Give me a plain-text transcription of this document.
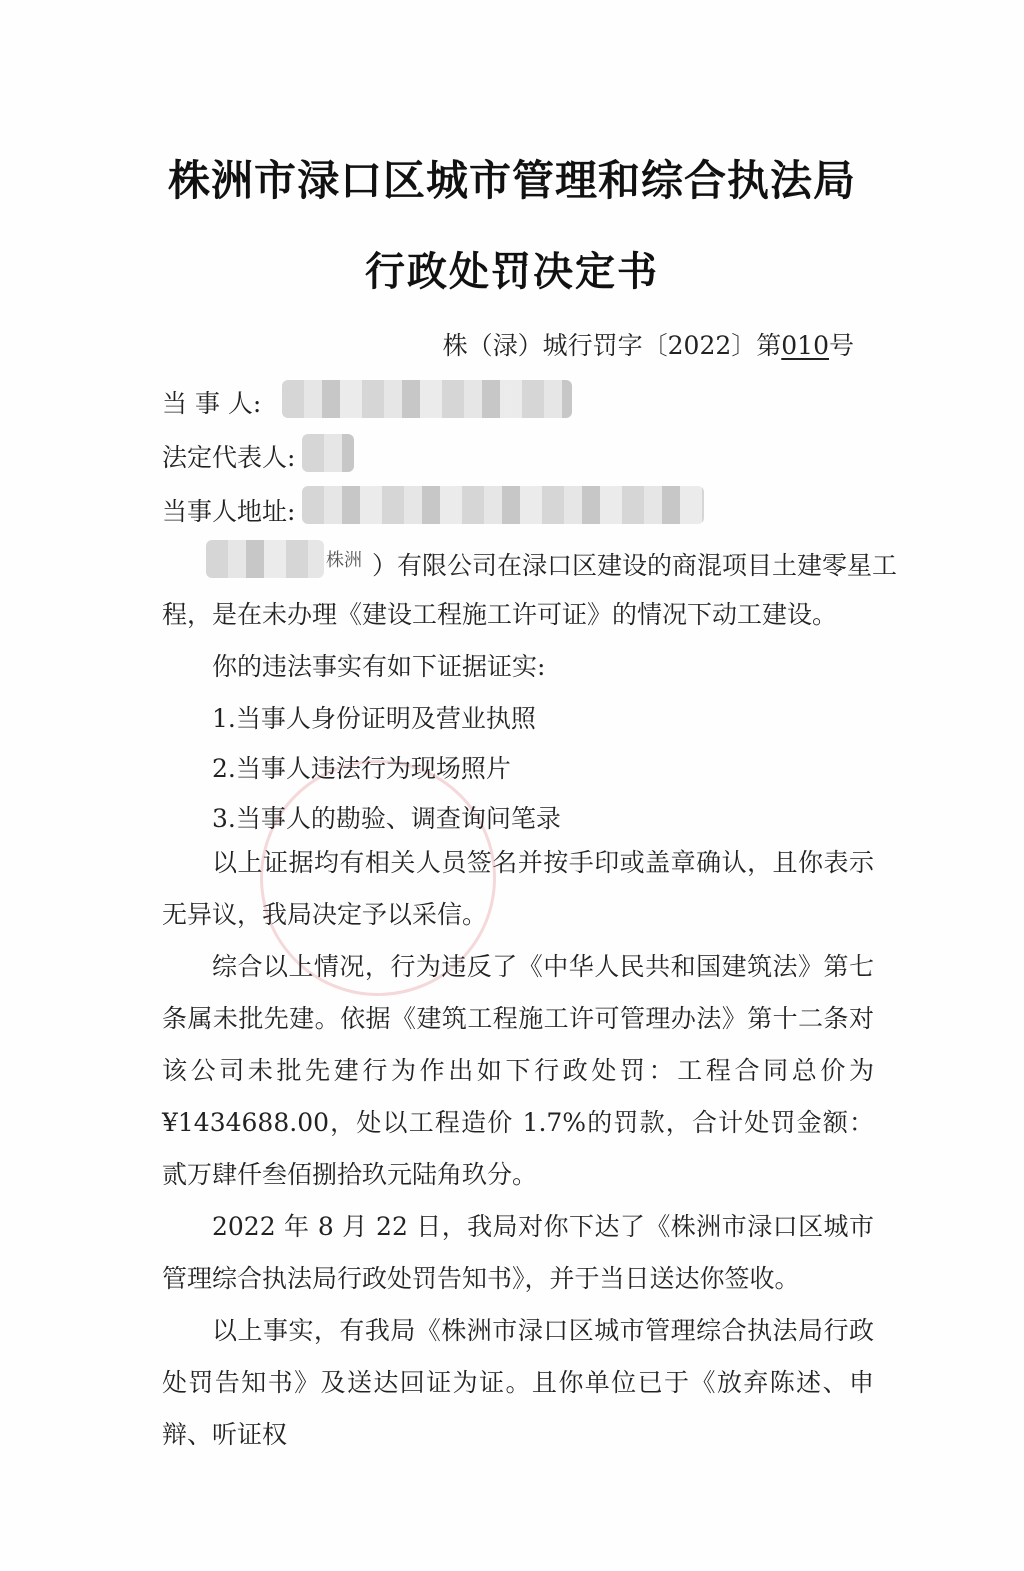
株洲市渌口区城市管理和综合执法局
行政处罚决定书
株（渌）城行罚字〔2022〕第010号
当 事 人:
法定代表人:
当事人地址:
株洲 ）有限公司在渌口区建设的商混项目土建零星工
程，是在未办理《建设工程施工许可证》的情况下动工建设。
你的违法事实有如下证据证实:
1.当事人身份证明及营业执照
2.当事人违法行为现场照片
3.当事人的勘验、调查询问笔录
以上证据均有相关人员签名并按手印或盖章确认，且你表示无异议，我局决定予以采信。
综合以上情况，行为违反了《中华人民共和国建筑法》第七条属未批先建。依据《建筑工程施工许可管理办法》第十二条对该公司未批先建行为作出如下行政处罚：工程合同总价为¥1434688.00，处以工程造价 1.7%的罚款，合计处罚金额：贰万肆仟叁佰捌拾玖元陆角玖分。
2022 年 8 月 22 日，我局对你下达了《株洲市渌口区城市管理综合执法局行政处罚告知书》，并于当日送达你签收。
以上事实，有我局《株洲市渌口区城市管理综合执法局行政处罚告知书》及送达回证为证。且你单位已于《放弃陈述、申辩、听证权
